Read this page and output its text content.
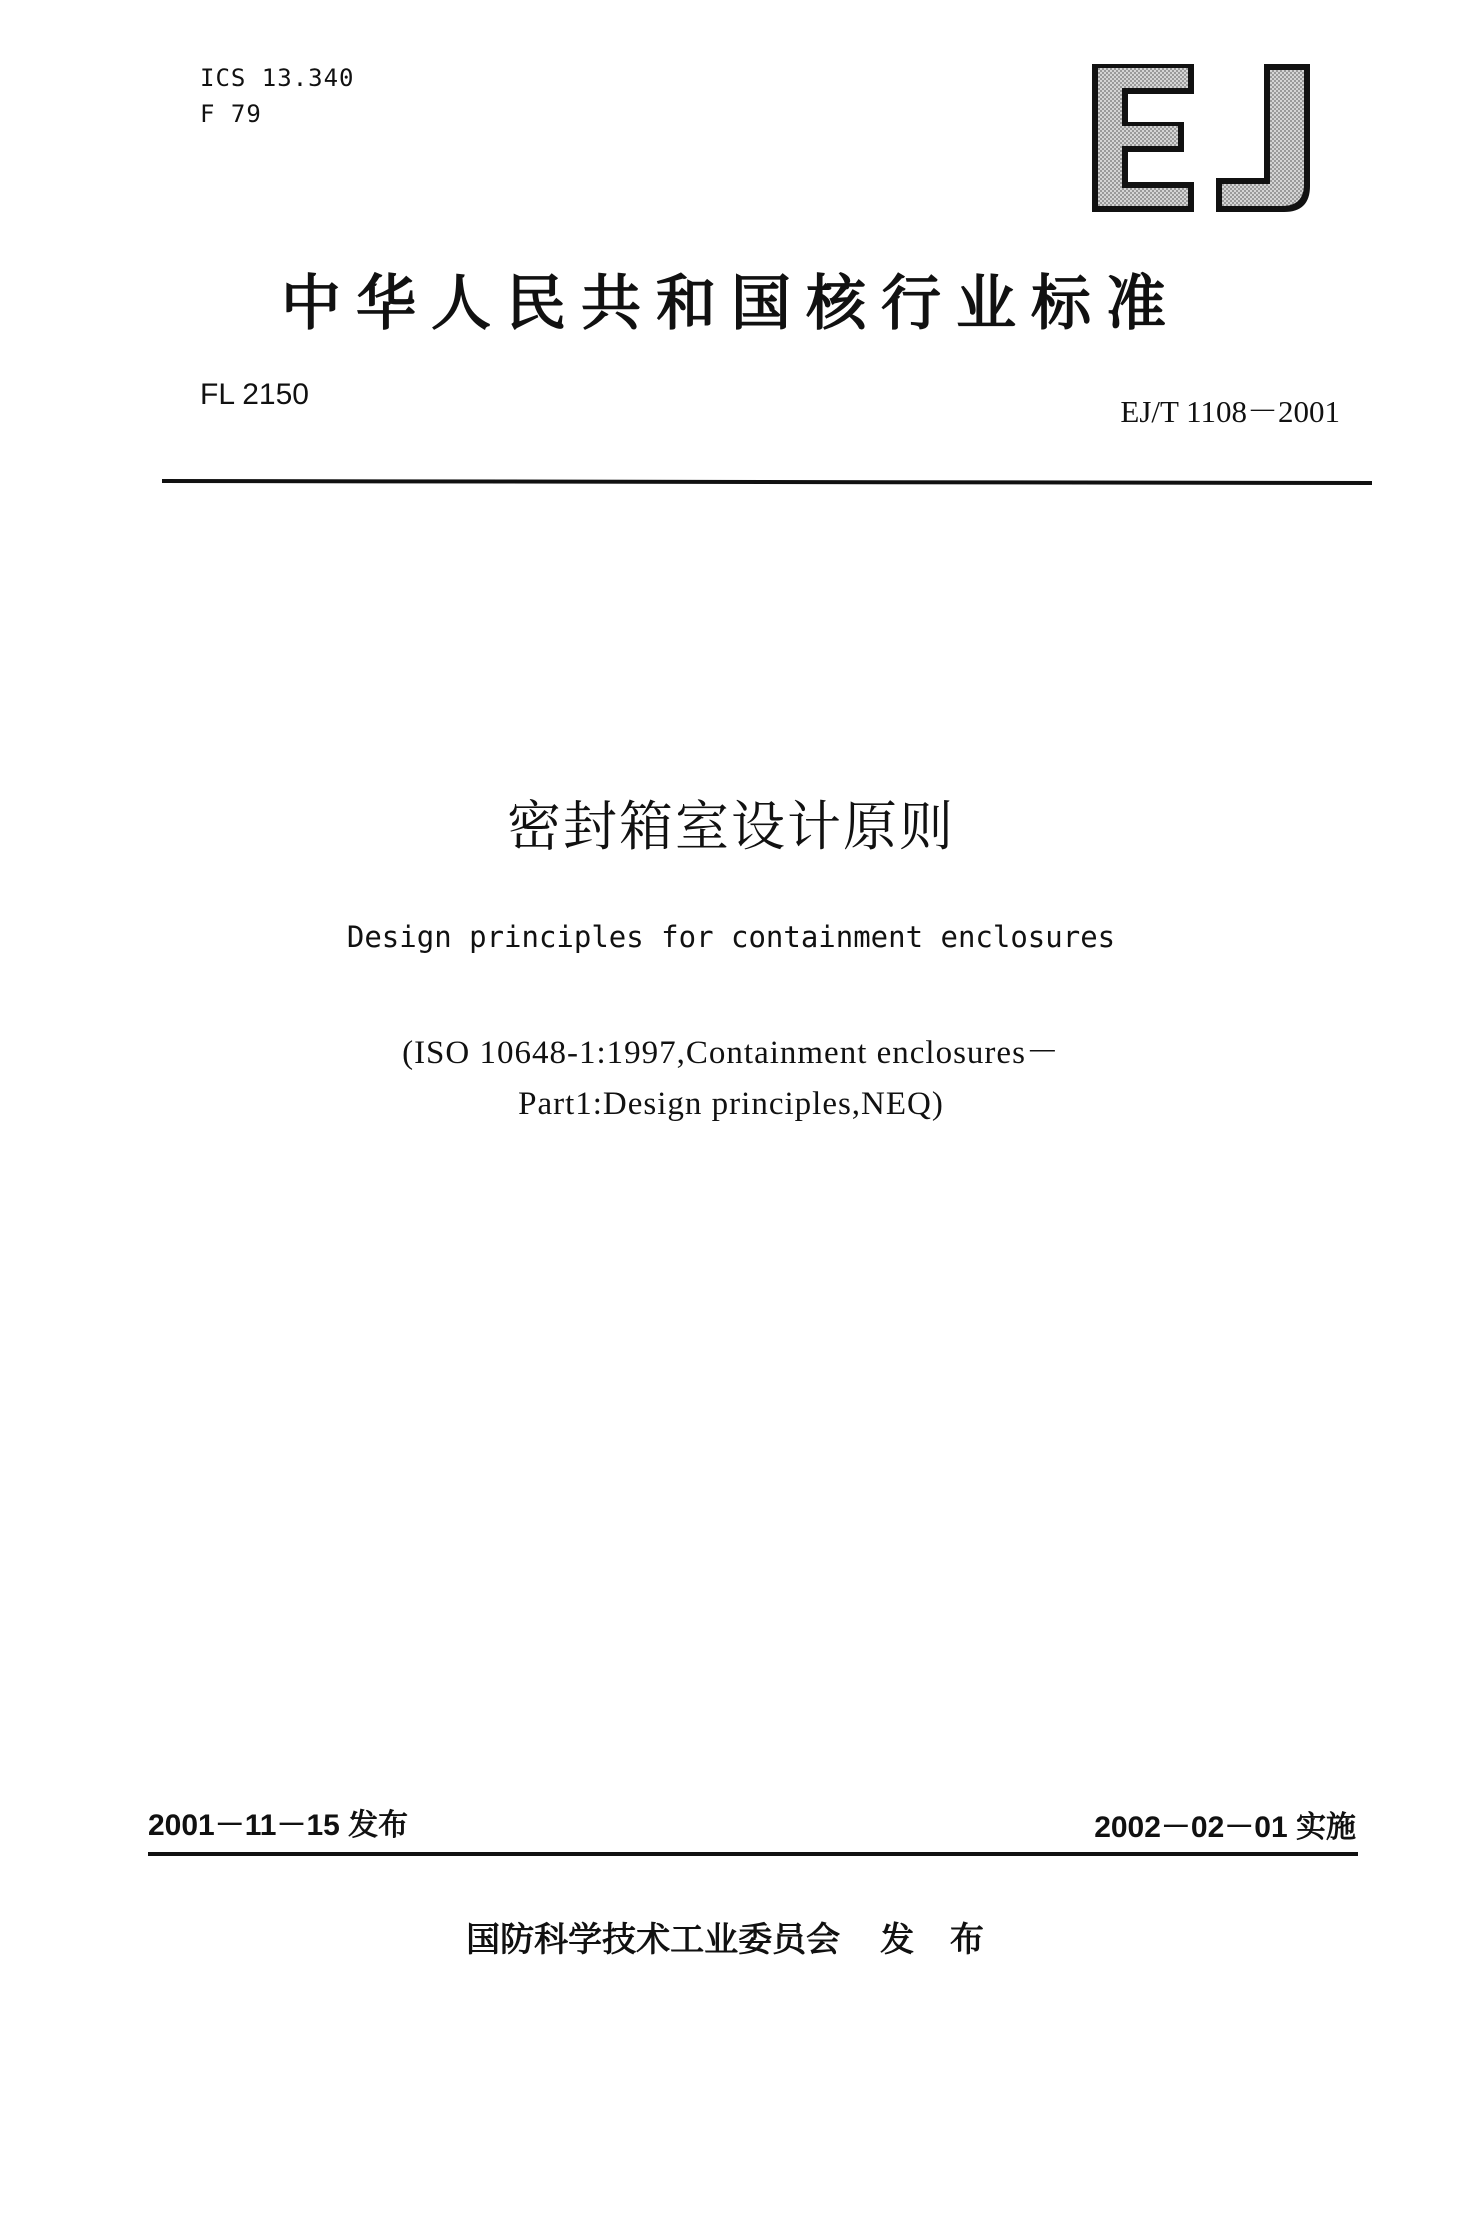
ICS 13.340
F 79
中华人民共和国核行业标准
FL 2150	EJ/T 1108－2001
密封箱室设计原则
Design principles for containment enclosures
(ISO 10648-1:1997,Containment enclosures－
Part1:Design principles,NEQ)
2001－11－15 发布	2002－02－01 实施
国防科学技术工业委员会 发 布
